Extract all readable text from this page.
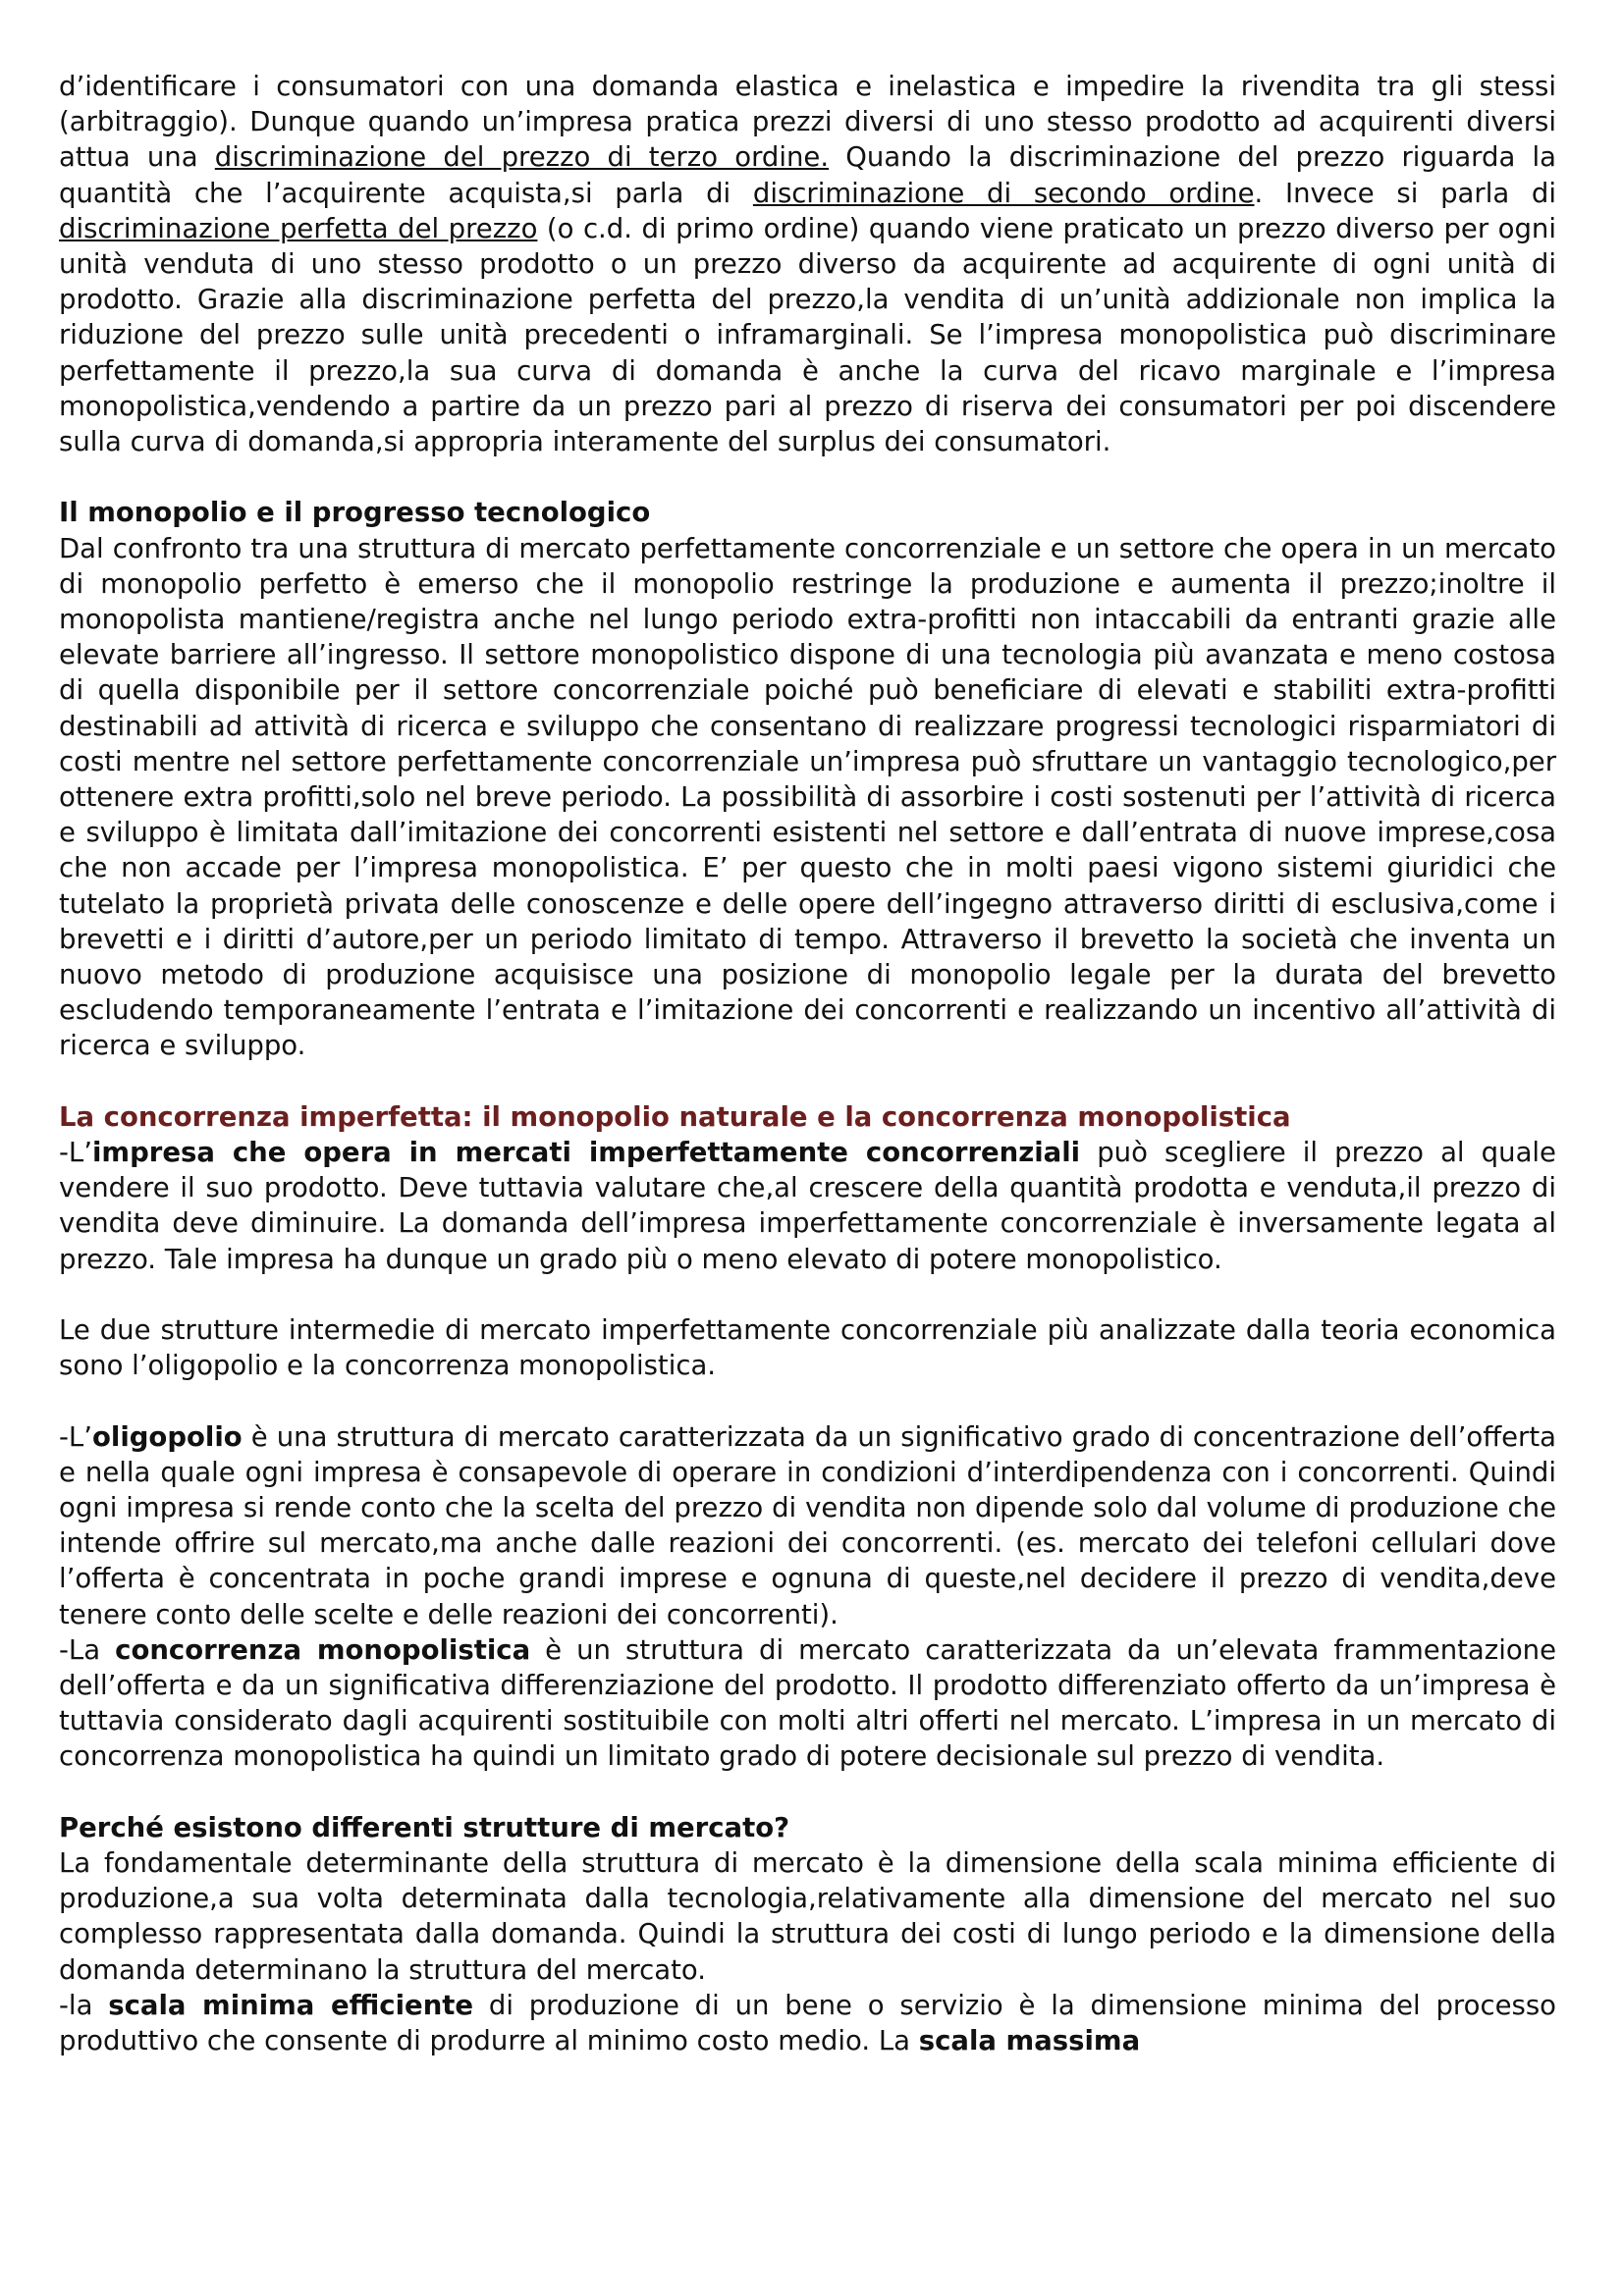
d’identificare i consumatori con una domanda elastica e inelastica e impedire la rivendita tra gli stessi (arbitraggio). Dunque quando un’impresa pratica prezzi diversi di uno stesso prodotto ad acquirenti diversi attua una discriminazione del prezzo di terzo ordine. Quando la discriminazione del prezzo riguarda la quantità che l’acquirente acquista,si parla di discriminazione di secondo ordine. Invece si parla di discriminazione perfetta del prezzo (o c.d. di primo ordine) quando viene praticato un prezzo diverso per ogni unità venduta di uno stesso prodotto o un prezzo diverso da acquirente ad acquirente di ogni unità di prodotto. Grazie alla discriminazione perfetta del prezzo,la vendita di un’unità addizionale non implica la riduzione del prezzo sulle unità precedenti o inframarginali. Se l’impresa monopolistica può discriminare perfettamente il prezzo,la sua curva di domanda è anche la curva del ricavo marginale e l’impresa monopolistica,vendendo a partire da un prezzo pari al prezzo di riserva dei consumatori per poi discendere sulla curva di domanda,si appropria interamente del surplus dei consumatori.

Il monopolio e il progresso tecnologico

Dal confronto tra una struttura di mercato perfettamente concorrenziale e un settore che opera in un mercato di monopolio perfetto è emerso che il monopolio restringe la produzione e aumenta il prezzo;inoltre il monopolista mantiene/registra anche nel lungo periodo extra-profitti non intaccabili da entranti grazie alle elevate barriere all’ingresso. Il settore monopolistico dispone di una tecnologia più avanzata e meno costosa di quella disponibile per il settore concorrenziale poiché può beneficiare di elevati e stabiliti extra-profitti destinabili ad attività di ricerca e sviluppo che consentano di realizzare progressi tecnologici risparmiatori di costi mentre nel settore perfettamente concorrenziale un’impresa può sfruttare un vantaggio tecnologico,per ottenere extra profitti,solo nel breve periodo. La possibilità di assorbire i costi sostenuti per l’attività di ricerca e sviluppo è limitata dall’imitazione dei concorrenti esistenti nel settore e dall’entrata di nuove imprese,cosa che non accade per l’impresa monopolistica. E’ per questo che in molti paesi vigono sistemi giuridici che tutelato la proprietà privata delle conoscenze e delle opere dell’ingegno attraverso diritti di esclusiva,come i brevetti e i diritti d’autore,per un periodo limitato di tempo. Attraverso il brevetto la società che inventa un nuovo metodo di produzione acquisisce una posizione di monopolio legale per la durata del brevetto escludendo temporaneamente l’entrata e l’imitazione dei concorrenti e realizzando un incentivo all’attività di ricerca e sviluppo.

La concorrenza imperfetta: il monopolio naturale e la concorrenza monopolistica

-L’impresa che opera in mercati imperfettamente concorrenziali può scegliere il prezzo al quale vendere il suo prodotto. Deve tuttavia valutare che,al crescere della quantità prodotta e venduta,il prezzo di vendita deve diminuire. La domanda dell’impresa imperfettamente concorrenziale è inversamente legata al prezzo. Tale impresa ha dunque un grado più o meno elevato di potere monopolistico.

Le due strutture intermedie di mercato imperfettamente concorrenziale più analizzate dalla teoria economica sono l’oligopolio e la concorrenza monopolistica.

-L’oligopolio è una struttura di mercato caratterizzata da un significativo grado di concentrazione dell’offerta e nella quale ogni impresa è consapevole di operare in condizioni d’interdipendenza con i concorrenti. Quindi ogni impresa si rende conto che la scelta del prezzo di vendita non dipende solo dal volume di produzione che intende offrire sul mercato,ma anche dalle reazioni dei concorrenti. (es. mercato dei telefoni cellulari dove l’offerta è concentrata in poche grandi imprese e ognuna di queste,nel decidere il prezzo di vendita,deve tenere conto delle scelte e delle reazioni dei concorrenti).

-La concorrenza monopolistica è un struttura di mercato caratterizzata da un’elevata frammentazione dell’offerta e da un significativa differenziazione del prodotto. Il prodotto differenziato offerto da un’impresa è tuttavia considerato dagli acquirenti sostituibile con molti altri offerti nel mercato. L’impresa in un mercato di concorrenza monopolistica ha quindi un limitato grado di potere decisionale sul prezzo di vendita.

Perché esistono differenti strutture di mercato?

La fondamentale determinante della struttura di mercato è la dimensione della scala minima efficiente di produzione,a sua volta determinata dalla tecnologia,relativamente alla dimensione del mercato nel suo complesso rappresentata dalla domanda. Quindi la struttura dei costi di lungo periodo e la dimensione della domanda determinano la struttura del mercato.

-la scala minima efficiente di produzione di un bene o servizio è la dimensione minima del processo produttivo che consente di produrre al minimo costo medio. La scala massima
